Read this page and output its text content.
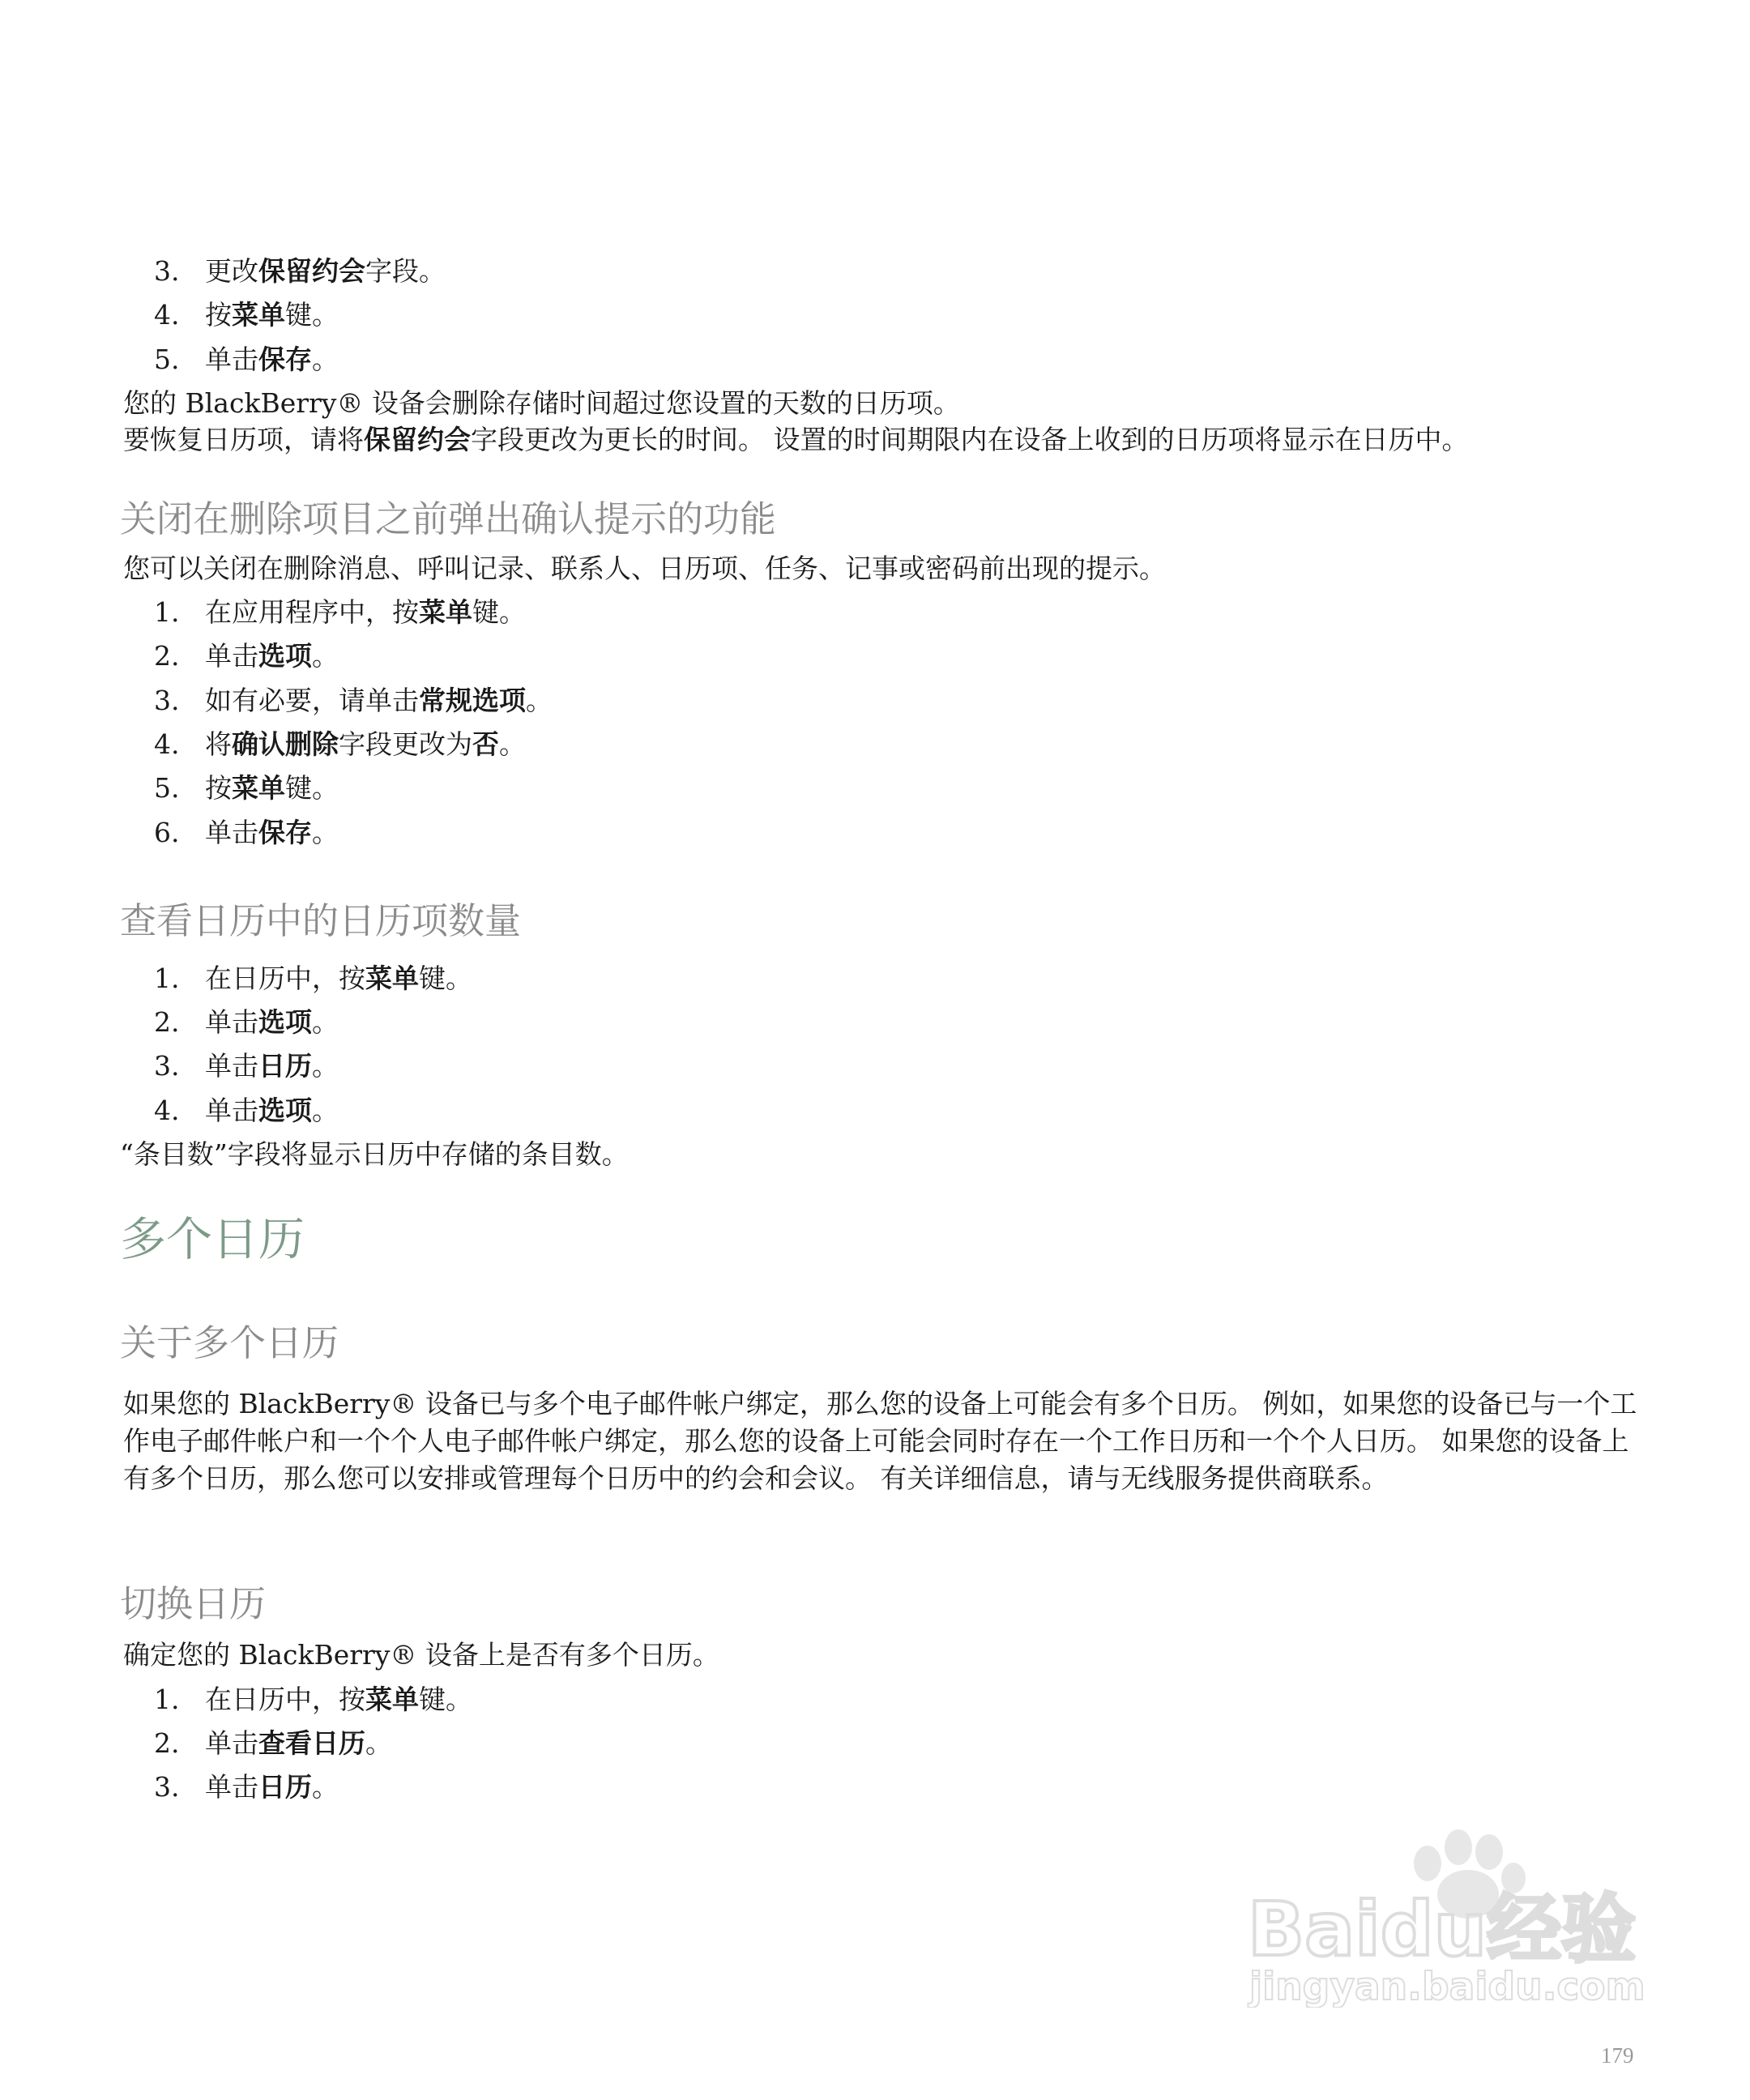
3. 更改保留约会字段。
4. 按菜单键。
5. 单击保存。
您的 BlackBerry® 设备会删除存储时间超过您设置的天数的日历项。
要恢复日历项，请将保留约会字段更改为更长的时间。 设置的时间期限内在设备上收到的日历项将显示在日历中。
关闭在删除项目之前弹出确认提示的功能
您可以关闭在删除消息、呼叫记录、联系人、日历项、任务、记事或密码前出现的提示。
1. 在应用程序中，按菜单键。
2. 单击选项。
3. 如有必要，请单击常规选项。
4. 将确认删除字段更改为否。
5. 按菜单键。
6. 单击保存。
查看日历中的日历项数量
1. 在日历中，按菜单键。
2. 单击选项。
3. 单击日历。
4. 单击选项。
“条目数”字段将显示日历中存储的条目数。
多个日历
关于多个日历
如果您的 BlackBerry® 设备已与多个电子邮件帐户绑定，那么您的设备上可能会有多个日历。 例如，如果您的设备已与一个工作电子邮件帐户和一个个人电子邮件帐户绑定，那么您的设备上可能会同时存在一个工作日历和一个个人日历。 如果您的设备上有多个日历，那么您可以安排或管理每个日历中的约会和会议。 有关详细信息，请与无线服务提供商联系。
切换日历
确定您的 BlackBerry® 设备上是否有多个日历。
1. 在日历中，按菜单键。
2. 单击查看日历。
3. 单击日历。
Baidu经验
jingyan.baidu.com
179
